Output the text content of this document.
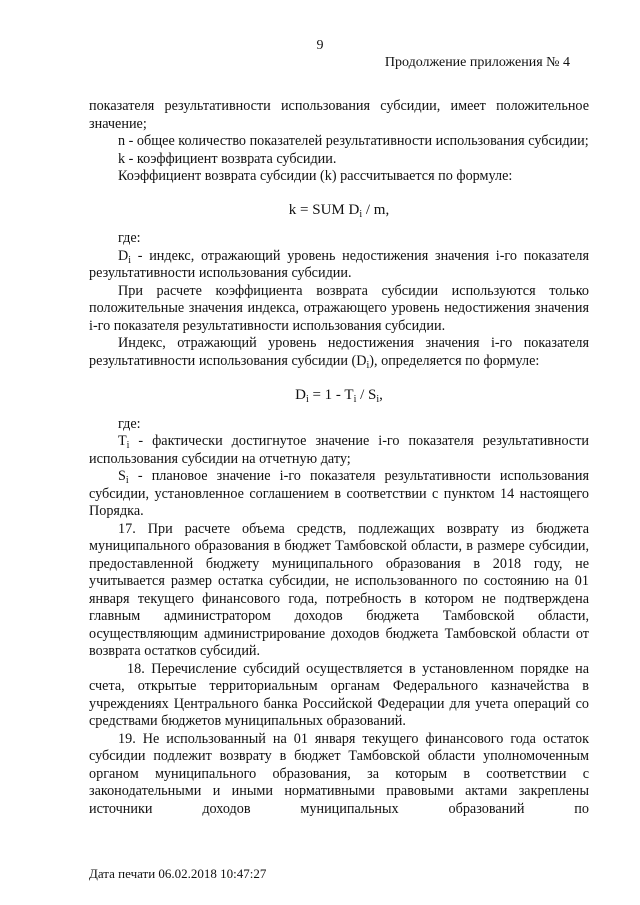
9
Продолжение приложения № 4

показателя результативности использования субсидии, имеет положительное значение;

n - общее количество показателей результативности использования субсидии;

k - коэффициент возврата субсидии.

Коэффициент возврата субсидии (k) рассчитывается по формуле:

k = SUM $D_i$ / m,

где:

$D_i$ - индекс, отражающий уровень недостижения значения i-го показателя результативности использования субсидии.

При расчете коэффициента возврата субсидии используются только положительные значения индекса, отражающего уровень недостижения значения i-го показателя результативности использования субсидии.

Индекс, отражающий уровень недостижения значения i-го показателя результативности использования субсидии $(D_i)$, определяется по формуле:

$D_i = 1 - T_i / S_i$,

где:

$T_i$ - фактически достигнутое значение i-го показателя результативности использования субсидии на отчетную дату;

$S_i$ - плановое значение i-го показателя результативности использования субсидии, установленное соглашением в соответствии с пунктом 14 настоящего Порядка.

17. При расчете объема средств, подлежащих возврату из бюджета муниципального образования в бюджет Тамбовской области, в размере субсидии, предоставленной бюджету муниципального образования в 2018 году, не учитывается размер остатка субсидии, не использованного по состоянию на 01 января текущего финансового года, потребность в котором не подтверждена главным администратором доходов бюджета Тамбовской области, осуществляющим администрирование доходов бюджета Тамбовской области от возврата остатков субсидий.

18. Перечисление субсидий осуществляется в установленном порядке на счета, открытые территориальным органам Федерального казначейства в учреждениях Центрального банка Российской Федерации для учета операций со средствами бюджетов муниципальных образований.

19. Не использованный на 01 января текущего финансового года остаток субсидии подлежит возврату в бюджет Тамбовской области уполномоченным органом муниципального образования, за которым в соответствии с законодательными и иными нормативными правовыми актами закреплены источники доходов муниципальных образований по

Дата печати 06.02.2018 10:47:27
